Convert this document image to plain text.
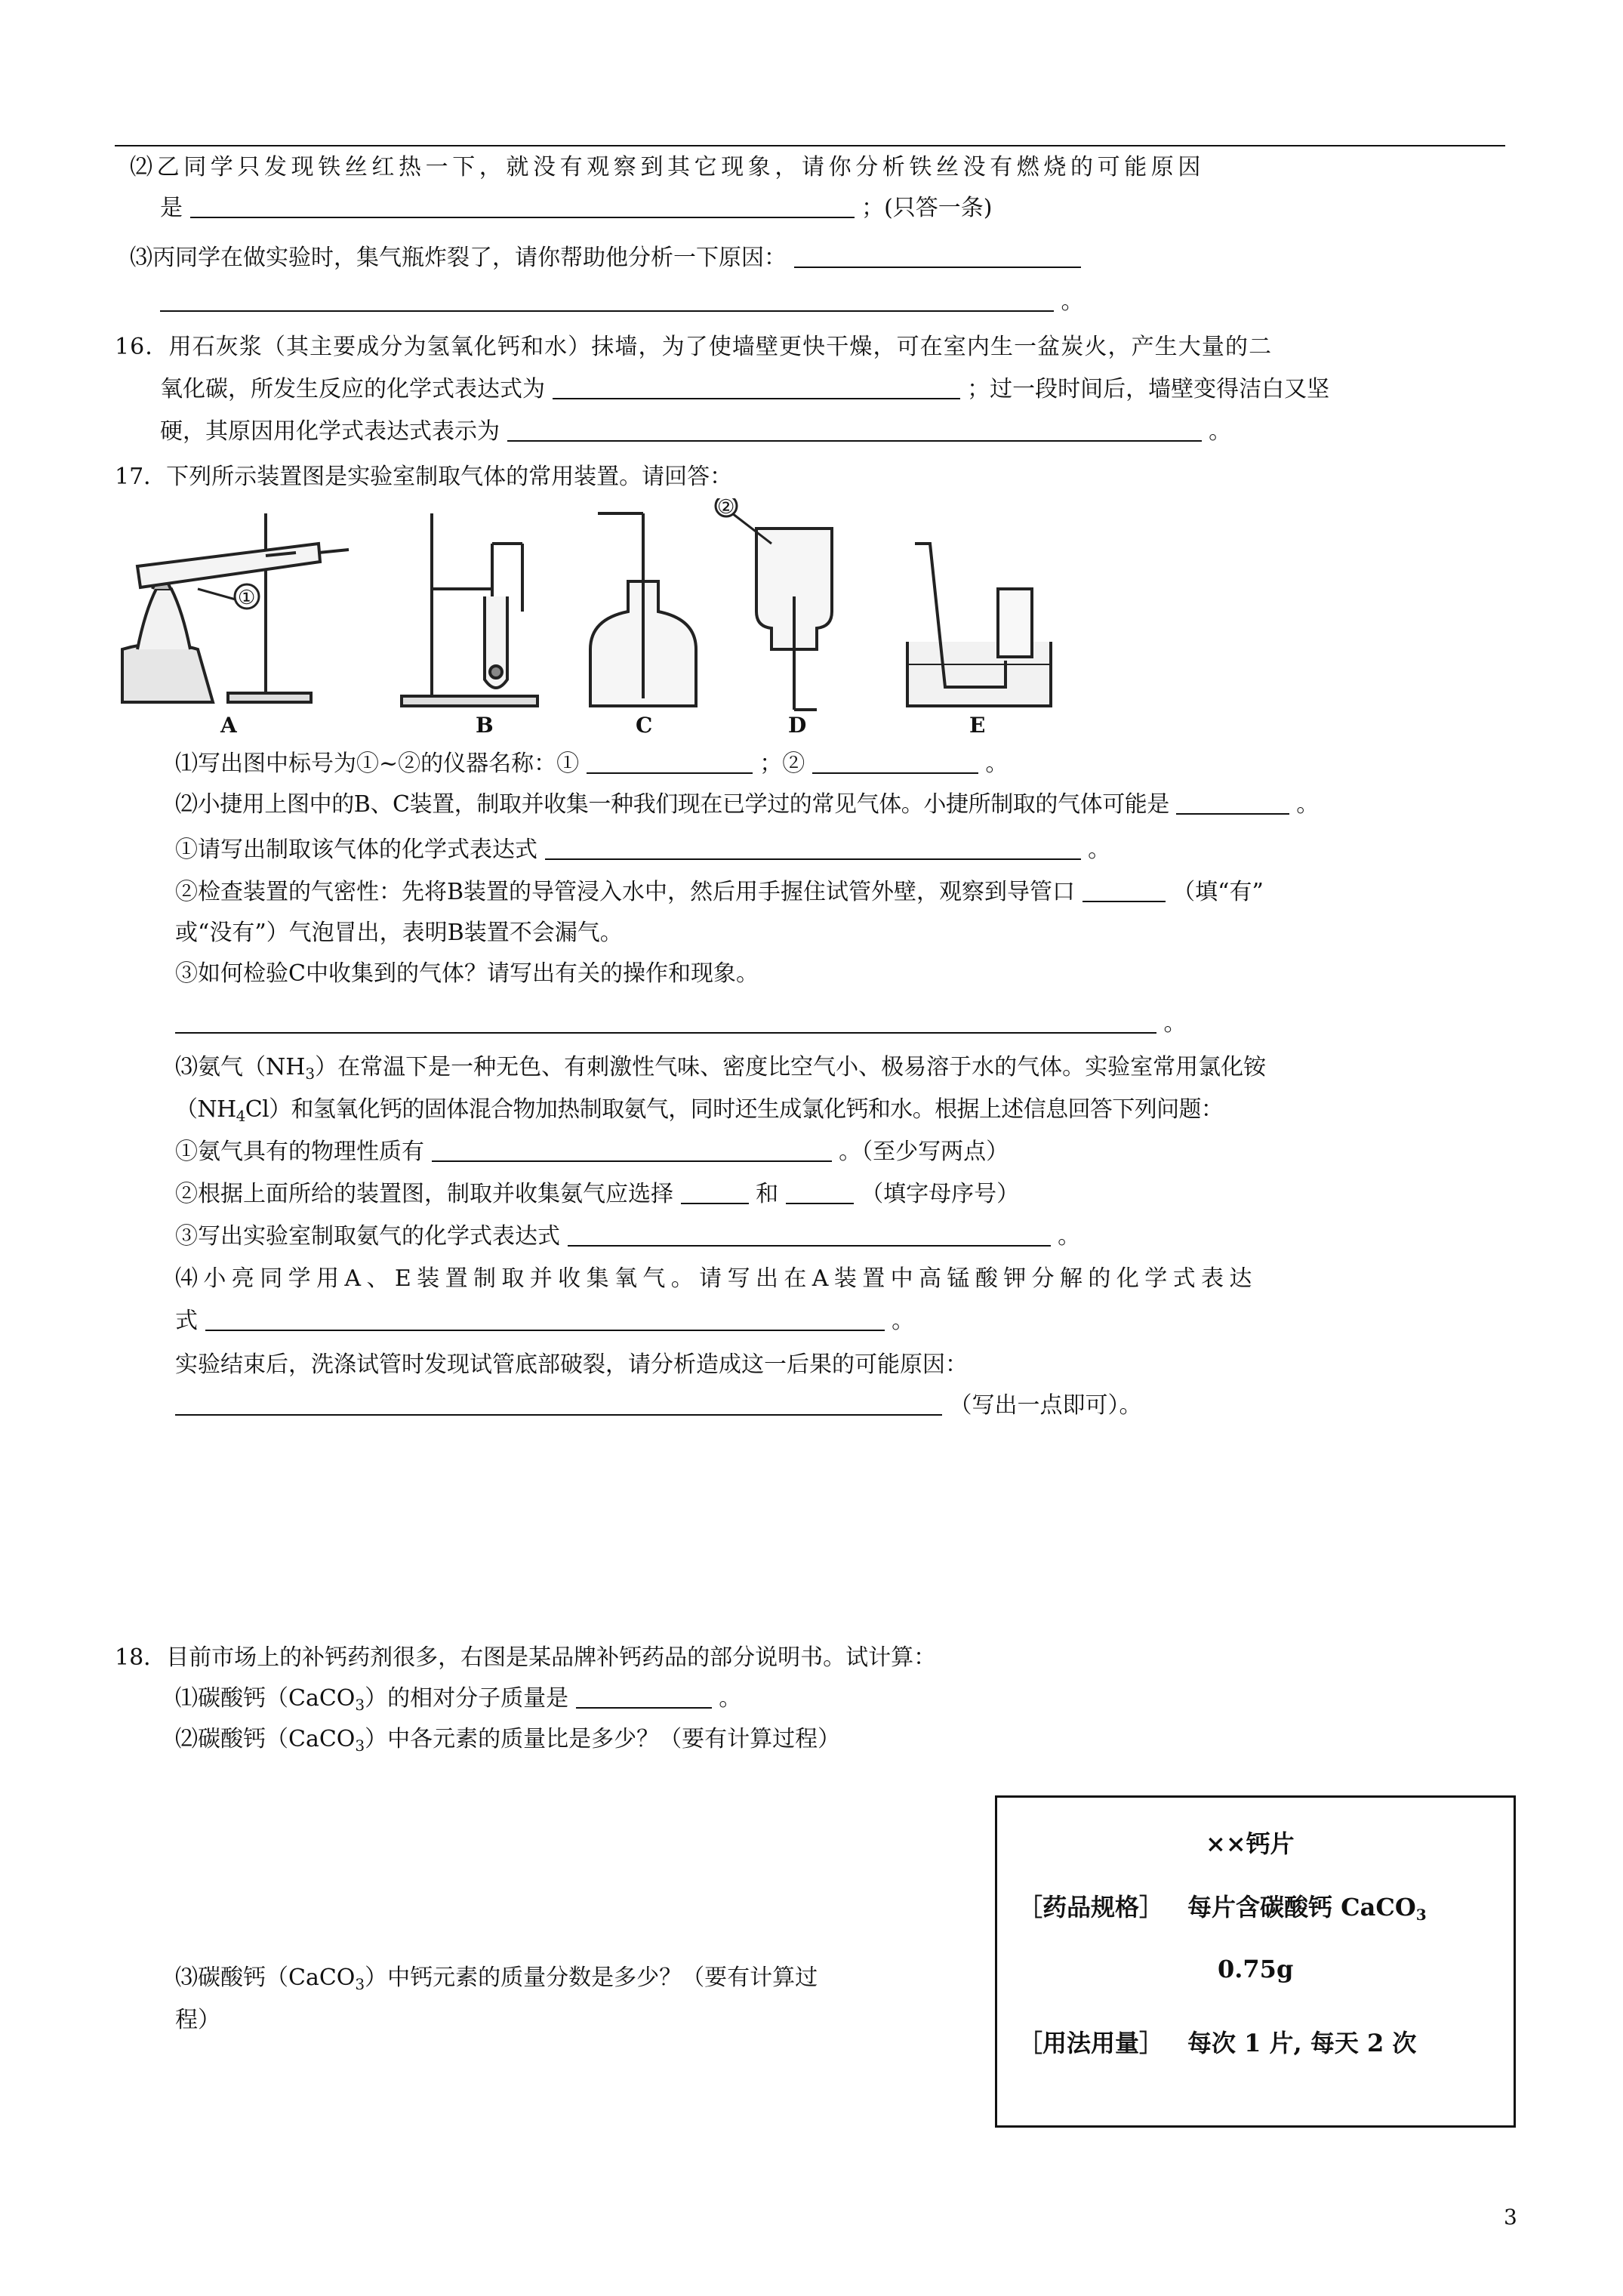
⑵乙同学只发现铁丝红热一下，就没有观察到其它现象，请你分析铁丝没有燃烧的可能原因
是	；(只答一条)
⑶丙同学在做实验时，集气瓶炸裂了，请你帮助他分析一下原因：
。
16．用石灰浆（其主要成分为氢氧化钙和水）抹墙，为了使墙壁更快干燥，可在室内生一盆炭火，产生大量的二
氧化碳，所发生反应的化学式表达式为	；过一段时间后，墙壁变得洁白又坚
硬，其原因用化学式表达式表示为	。
17．下列所示装置图是实验室制取气体的常用装置。请回答：
A	B	C	D	E
①
②
⑴写出图中标号为①~②的仪器名称：①	；②	。
⑵小捷用上图中的B、C装置，制取并收集一种我们现在已学过的常见气体。小捷所制取的气体可能是	。
①请写出制取该气体的化学式表达式	。
②检查装置的气密性：先将B装置的导管浸入水中，然后用手握住试管外壁，观察到导管口	（填“有”
或“没有”）气泡冒出，表明B装置不会漏气。
③如何检验C中收集到的气体？请写出有关的操作和现象。
。
⑶氨气$(NH_3)$在常温下是一种无色、有刺激性气味、密度比空气小、极易溶于水的气体。实验室常用氯化铵
$(NH_4Cl)$和氢氧化钙的固体混合物加热制取氨气，同时还生成氯化钙和水。根据上述信息回答下列问题：
①氨气具有的物理性质有	。（至少写两点）
②根据上面所给的装置图，制取并收集氨气应选择	和	（填字母序号）
③写出实验室制取氨气的化学式表达式	。
⑷小亮同学用A、E装置制取并收集氧气。请写出在A装置中高锰酸钾分解的化学式表达
式	。
实验结束后，洗涤试管时发现试管底部破裂，请分析造成这一后果的可能原因：
（写出一点即可）。
18．目前市场上的补钙药剂很多，右图是某品牌补钙药品的部分说明书。试计算：
⑴碳酸钙（CaCO$_3$）的相对分子质量是	。
⑵碳酸钙（CaCO$_3$）中各元素的质量比是多少？（要有计算过程）
⑶碳酸钙（CaCO$_3$）中钙元素的质量分数是多少？（要有计算过
程）
××钙片
［药品规格］ 每片含碳酸钙 CaCO$_3$
0.75g
［用法用量］ 每次 1 片, 每天 2 次
3
